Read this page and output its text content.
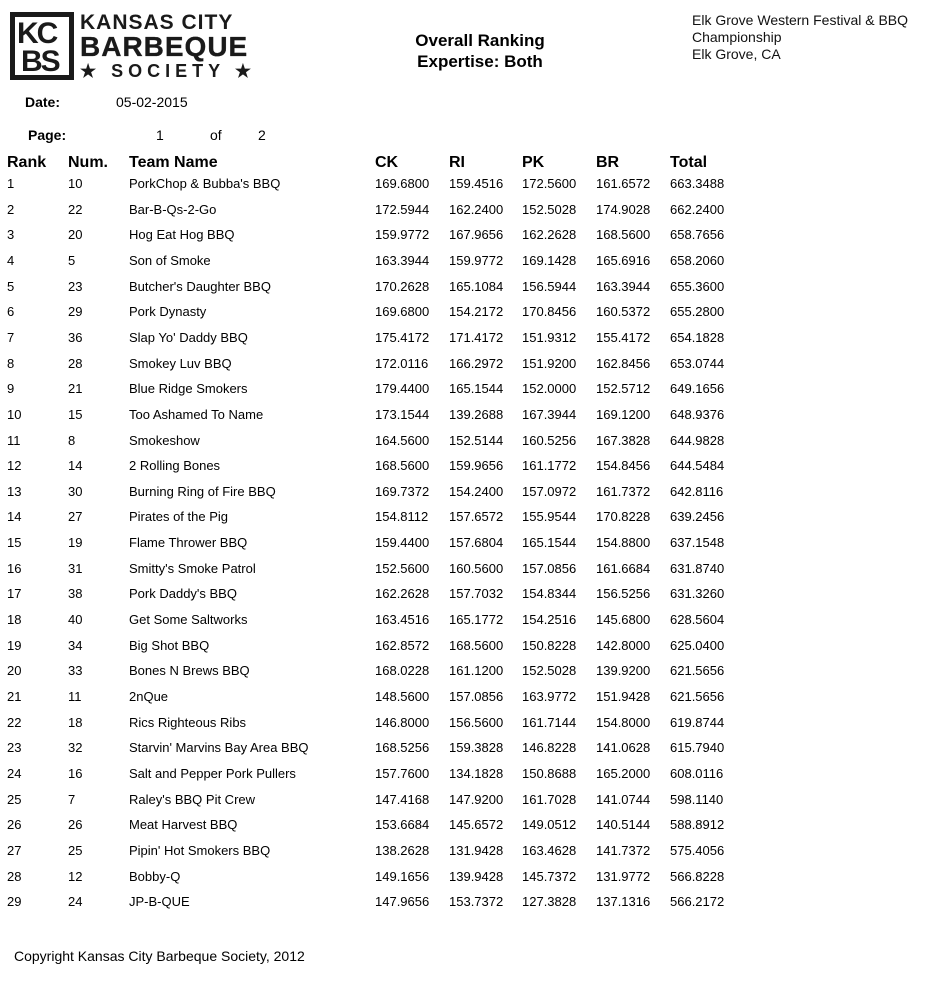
KC
BS
KANSAS CITY
BARBEQUE
★ SOCIETY ★
Overall Ranking
Expertise: Both
Elk Grove Western Festival & BBQ
Championship
Elk Grove, CA
Date:	05-02-2015
Page:	1	of	2
Rank Num. Team Name	CK	RI	PK	BR	Total
1	10	PorkChop & Bubba's BBQ	169.6800 159.4516 172.5600 161.6572 663.3488
2	22	Bar-B-Qs-2-Go	172.5944 162.2400 152.5028 174.9028 662.2400
3	20	Hog Eat Hog BBQ	159.9772 167.9656 162.2628 168.5600 658.7656
4	5	Son of Smoke	163.3944 159.9772 169.1428 165.6916 658.2060
5	23	Butcher's Daughter BBQ	170.2628 165.1084 156.5944 163.3944 655.3600
6	29	Pork Dynasty	169.6800 154.2172 170.8456 160.5372 655.2800
7	36	Slap Yo' Daddy BBQ	175.4172 171.4172 151.9312 155.4172 654.1828
8	28	Smokey Luv BBQ	172.0116 166.2972 151.9200 162.8456 653.0744
9	21	Blue Ridge Smokers	179.4400 165.1544 152.0000 152.5712 649.1656
10	15	Too Ashamed To Name	173.1544 139.2688 167.3944 169.1200 648.9376
11	8	Smokeshow	164.5600 152.5144 160.5256 167.3828 644.9828
12	14	2 Rolling Bones	168.5600 159.9656 161.1772 154.8456 644.5484
13	30	Burning Ring of Fire BBQ	169.7372 154.2400 157.0972 161.7372 642.8116
14	27	Pirates of the Pig	154.8112 157.6572 155.9544 170.8228 639.2456
15	19	Flame Thrower BBQ	159.4400 157.6804 165.1544 154.8800 637.1548
16	31	Smitty's Smoke Patrol	152.5600 160.5600 157.0856 161.6684 631.8740
17	38	Pork Daddy's BBQ	162.2628 157.7032 154.8344 156.5256 631.3260
18	40	Get Some Saltworks	163.4516 165.1772 154.2516 145.6800 628.5604
19	34	Big Shot BBQ	162.8572 168.5600 150.8228 142.8000 625.0400
20	33	Bones N Brews BBQ	168.0228 161.1200 152.5028 139.9200 621.5656
21	11	2nQue	148.5600 157.0856 163.9772 151.9428 621.5656
22	18	Rics Righteous Ribs	146.8000 156.5600 161.7144 154.8000 619.8744
23	32	Starvin' Marvins Bay Area BBQ	168.5256 159.3828 146.8228 141.0628 615.7940
24	16	Salt and Pepper Pork Pullers	157.7600 134.1828 150.8688 165.2000 608.0116
25	7	Raley's BBQ Pit Crew	147.4168 147.9200 161.7028 141.0744 598.1140
26	26	Meat Harvest BBQ	153.6684 145.6572 149.0512 140.5144 588.8912
27	25	Pipin' Hot Smokers BBQ	138.2628 131.9428 163.4628 141.7372 575.4056
28	12	Bobby-Q	149.1656 139.9428 145.7372 131.9772 566.8228
29	24	JP-B-QUE	147.9656 153.7372 127.3828 137.1316 566.2172
Copyright Kansas City Barbeque Society, 2012
